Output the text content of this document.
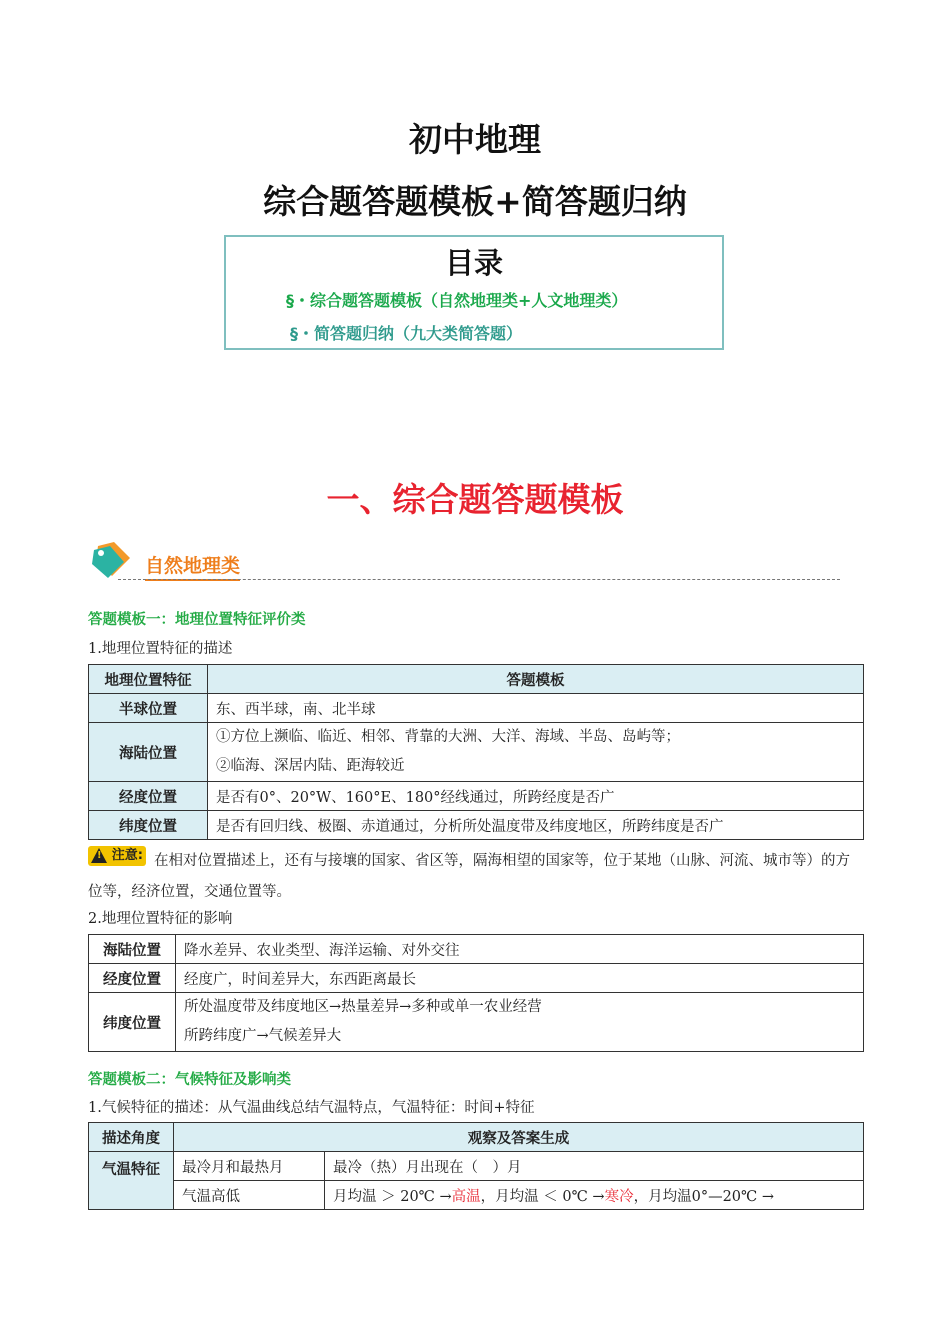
初中地理
综合题答题模板+简答题归纳
目录
§・综合题答题模板（自然地理类+人文地理类）
§・简答题归纳（九大类简答题）
一、综合题答题模板
自然地理类
答题模板一：地理位置特征评价类
1.地理位置特征的描述
地理位置特征	答题模板
半球位置	东、西半球，南、北半球
海陆位置	①方位上濒临、临近、相邻、背靠的大洲、大洋、海域、半岛、岛屿等；
②临海、深居内陆、距海较近

经度位置	是否有0°、20°W、160°E、180°经线通过，所跨经度是否广
纬度位置	是否有回归线、极圈、赤道通过，分析所处温度带及纬度地区，所跨纬度是否广
在相对位置描述上，还有与接壤的国家、省区等，隔海相望的国家等，位于某地（山脉、河流、城市等）的方位等，经济位置，交通位置等。
! 注意:
2.地理位置特征的影响
海陆位置	降水差异、农业类型、海洋运输、对外交往
经度位置	经度广，时间差异大，东西距离最长
纬度位置	所处温度带及纬度地区→热量差异→多种或单一农业经营
所跨纬度广→气候差异大
答题模板二：气候特征及影响类
1.气候特征的描述：从气温曲线总结气温特点，气温特征：时间+特征
描述角度	观察及答案生成	
气温特征	最冷月和最热月	最冷（热）月出现在（　）月
	气温高低	月均温 ＞ 20℃ →高温，月均温 ＜ 0℃ →寒冷，月均温0°—20℃ →
